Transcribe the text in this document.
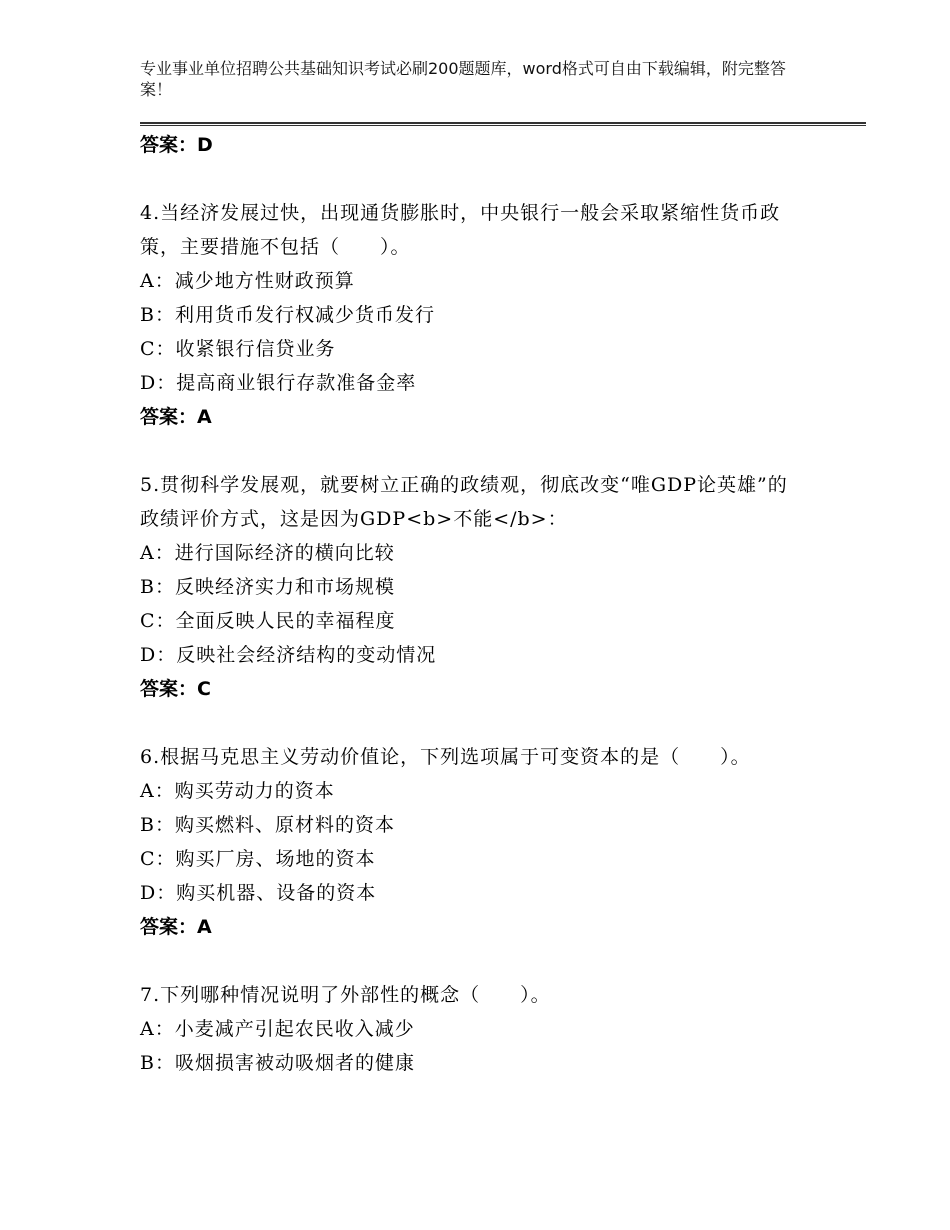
专业事业单位招聘公共基础知识考试必刷200题题库，word格式可自由下载编辑，附完整答案！
答案：D
4.当经济发展过快，出现通货膨胀时，中央银行一般会采取紧缩性货币政策，主要措施不包括（　　）。
A：减少地方性财政预算
B：利用货币发行权减少货币发行
C：收紧银行信贷业务
D：提高商业银行存款准备金率
答案：A
5.贯彻科学发展观，就要树立正确的政绩观，彻底改变“唯GDP论英雄”的政绩评价方式，这是因为GDP<b>不能</b>：
A：进行国际经济的横向比较
B：反映经济实力和市场规模
C：全面反映人民的幸福程度
D：反映社会经济结构的变动情况
答案：C
6.根据马克思主义劳动价值论，下列选项属于可变资本的是（　　）。
A：购买劳动力的资本
B：购买燃料、原材料的资本
C：购买厂房、场地的资本
D：购买机器、设备的资本
答案：A
7.下列哪种情况说明了外部性的概念（　　）。
A：小麦减产引起农民收入减少
B：吸烟损害被动吸烟者的健康
